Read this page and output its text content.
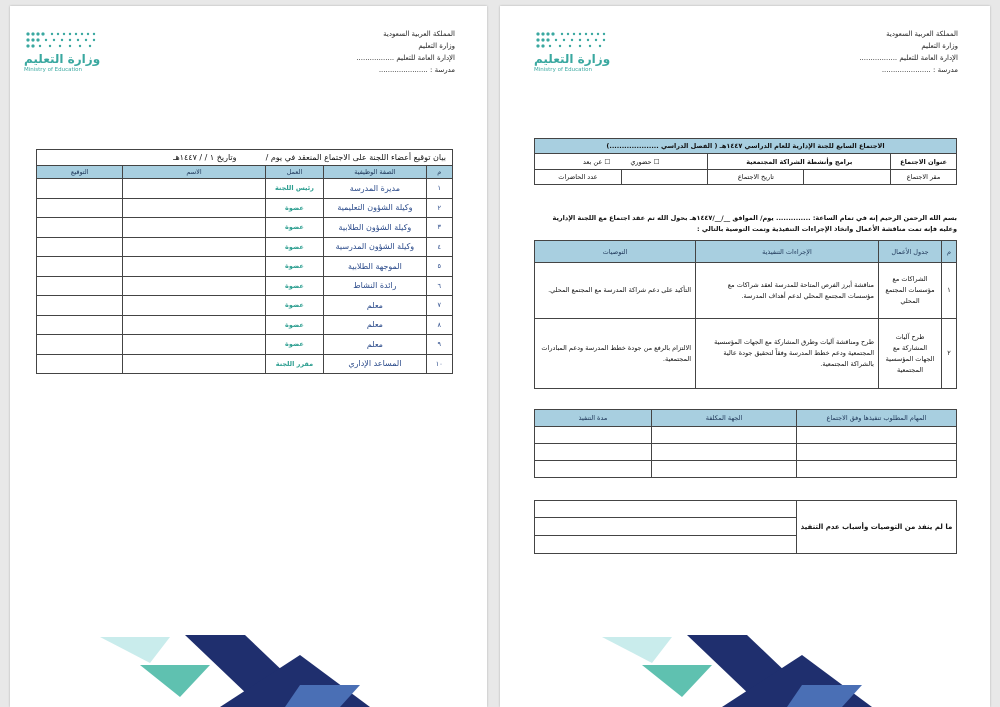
المملكة العربية السعودية
وزارة التعليم
الإدارة العامة للتعليم .................
مدرسة : ......................
وزارة التعليم
Ministry of Education
بيان توقيع أعضاء اللجنة على الاجتماع المنعقد في يوم /  وتاريخ ١ / / ١٤٤٧هـ				
م	الصفة الوظيفية	العمل	الاسم	التوقيع
١	مديرة المدرسة	رئيس اللجنة		
٢	وكيلة الشؤون التعليمية	عضوة		
٣	وكيلة الشؤون الطلابية	عضوة		
٤	وكيلة الشؤون المدرسية	عضوة		
٥	الموجهة الطلابية	عضوة		
٦	رائدة النشاط	عضوة		
٧	معلم	عضوة		
٨	معلم	عضوة		
٩	معلم	عضوة		
١٠	المساعد الإداري	مقرر اللجنة		
المملكة العربية السعودية
وزارة التعليم
الإدارة العامة للتعليم .................
مدرسة : ......................
وزارة التعليم
Ministry of Education
الاجتماع السابع للجنة الإدارية للعام الدراسي ١٤٤٧هـ ( الفصل الدراسي ....................)				
عنوان الاجتماع	برامج وأنشطة الشراكة المجتمعية		☐ حضوري  ☐ عن بعد	
مقر الاجتماع		تاريخ الاجتماع		عدد الحاضرات
بسم الله الرحمن الرحيم إنه في تمام الساعة: .............. يوم/ الموافق __/__/١٤٤٧هـ بحول الله تم عقد اجتماع مع اللجنة الإدارية
وعليه فإنه تمت مناقشة الأعمال واتخاذ الإجراءات التنفيذية وتمت التوصية بالتالي :
م	جدول الأعمال	الإجراءات التنفيذية	التوصيات
١	الشراكات مع مؤسسات المجتمع المحلي	مناقشة أبرز الفرص المتاحة للمدرسة لعقد شراكات مع مؤسسات المجتمع المحلي لدعم أهداف المدرسة.	التأكيد على دعم شراكة المدرسة مع المجتمع المحلي.
٢	طرح آليات المشاركة مع الجهات المؤسسية المجتمعية	طرح ومناقشة آليات وطرق المشاركة مع الجهات المؤسسية المجتمعية ودعم خطط المدرسة وفقاً لتحقيق جودة عالية بالشراكة المجتمعية.	الالتزام بالرفع من جودة خطط المدرسة ودعم المبادرات المجتمعية.
المهام المطلوب تنفيذها وفق الاجتماع	الجهة المكلفة	مدة التنفيذ

ما لم ينفذ من التوصيات وأسباب عدم التنفيذ	
